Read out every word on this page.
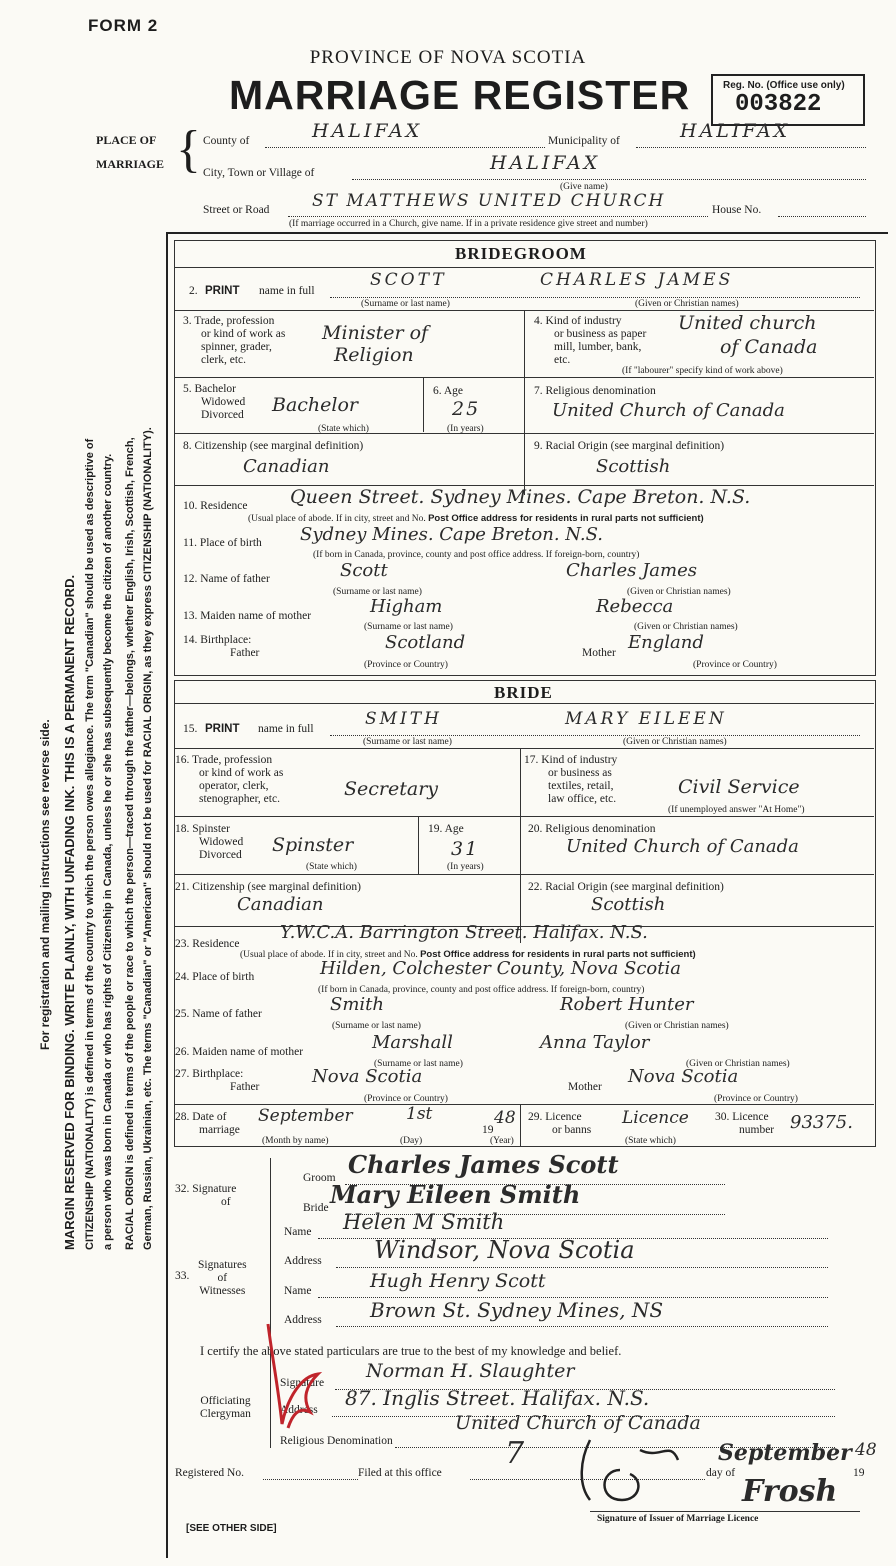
FORM 2
PROVINCE OF NOVA SCOTIA
MARRIAGE REGISTER	Reg. No. (Office use only)
003822
PLACE OF
MARRIAGE { County of	HALIFAX	Municipality of	HALIFAX
City, Town or Village of	HALIFAX
(Give name)
Street or Road	ST MATTHEWS UNITED CHURCH	House No.
(If marriage occurred in a Church, give name. If in a private residence give street and number)
For registration and mailing instructions see reverse side. MARGIN RESERVED FOR BINDING. WRITE PLAINLY, WITH UNFADING INK. THIS IS A PERMANENT RECORD. CITIZENSHIP (NATIONALITY) is defined in terms of the country to which the person owes allegiance. The term "Canadian" should be used as descriptive of a person who was born in Canada or who has rights of Citizenship in Canada, unless he or she has subsequently become the citizen of another country. RACIAL ORIGIN is defined in terms of the people or race to which the person—traced through the father—belongs, whether English, Irish, Scottish, French, German, Russian, Ukrainian, etc. The terms "Canadian" or "American" should not be used for RACIAL ORIGIN, as they express CITIZENSHIP (NATIONALITY).
BRIDEGROOM
2. PRINT name in full
SCOTT	CHARLES JAMES
(Surname or last name)	(Given or Christian names)
3. Trade, profession
or kind of work as
spinner, grader,
clerk, etc.
Minister of
Religion
4. Kind of industry
or business as paper
mill, lumber, bank,
etc.
United church
of Canada
(If "labourer" specify kind of work above)
5. Bachelor
Widowed
Divorced Bachelor
(State which)
6. Age
25
(In years)
7. Religious denomination
United Church of Canada
8. Citizenship (see marginal definition)
Canadian
9. Racial Origin (see marginal definition)
Scottish
10. Residence Queen Street. Sydney Mines. Cape Breton. N.S.
(Usual place of abode. If in city, street and No. Post Office address for residents in rural parts not sufficient)
11. Place of birth Sydney Mines. Cape Breton. N.S.
(If born in Canada, province, county and post office address. If foreign-born, country)
12. Name of father	Scott	Charles James
(Surname or last name)	(Given or Christian names)
13. Maiden name of mother	Higham	Rebecca
(Surname or last name)	(Given or Christian names)
14. Birthplace:
Father	Scotland	Mother England
(Province or Country)	(Province or Country)
BRIDE
15. PRINT name in full	SMITH	MARY EILEEN
(Surname or last name)	(Given or Christian names)
16. Trade, profession
or kind of work as
operator, clerk,
stenographer, etc.	Secretary
17. Kind of industry
or business as
textiles, retail,
law office, etc.
Civil Service
(If unemployed answer "At Home")
18. Spinster
Widowed
Divorced Spinster
(State which)
19. Age
31
(In years)
20. Religious denomination
United Church of Canada
21. Citizenship (see marginal definition)
Canadian
22. Racial Origin (see marginal definition)
Scottish
23. Residence
Y.W.C.A. Barrington Street. Halifax. N.S.
(Usual place of abode. If in city, street and No. Post Office address for residents in rural parts not sufficient)
24. Place of birth	Hilden, Colchester County, Nova Scotia
(If born in Canada, province, county and post office address. If foreign-born, country)
25. Name of father	Smith	Robert Hunter
(Surname or last name)	(Given or Christian names)
26. Maiden name of mother	Marshall	Anna Taylor
(Surname or last name)	(Given or Christian names)
27. Birthplace:
Father	Nova Scotia	Mother Nova Scotia
(Province or Country)	(Province or Country)
28. Date of
marriage
September	1st
19
48
(Month by name)	(Day)	(Year)
29. Licence
or banns
Licence
(State which)
30. Licence
number 93375.
32. Signature
of
Groom Charles James Scott
Bride Mary Eileen Smith
33.
Signatures
of
Witnesses
Name Helen M Smith
Address Windsor, Nova Scotia
Name	Hugh Henry Scott
Address Brown St. Sydney Mines, NS
I certify the above stated particulars are true to the best of my knowledge and belief.
Officiating
Clergyman
Signature
Norman H. Slaughter
Address 87. Inglis Street. Halifax. N.S.
Religious Denomination
United Church of Canada
Registered No.	Filed at this office
7
day of
September
19
48
Frosh
Signature of Issuer of Marriage Licence
[SEE OTHER SIDE]
